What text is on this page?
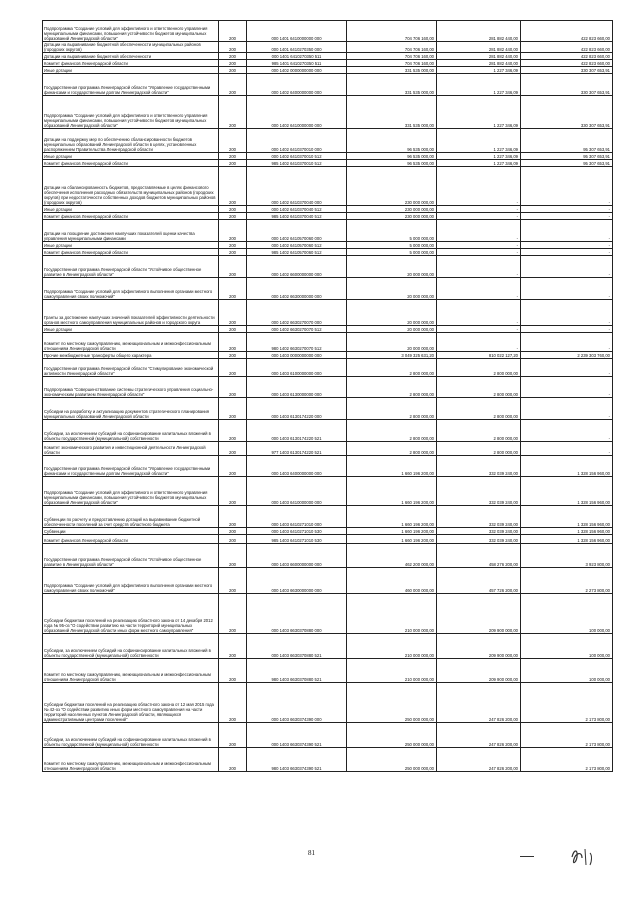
Подпрограмма "Создание условий для эффективного и ответственного управления муниципальными финансами, повышения устойчивости бюджетов муниципальных образований Ленинградской области"	200	000 1401 6410000000 000	704 706 160,00	281 882 440,00	422 823 660,00
Дотации на выравнивание бюджетной обеспеченности муниципальных районов (городских округов)	200	000 1401 6410270350 000	704 706 160,00	281 882 440,00	422 823 660,00
Дотации на выравнивание бюджетной обеспеченности	200	000 1401 6410270350 511	704 706 160,00	281 882 440,00	422 823 660,00
Комитет финансов Ленинградской области	200	985 1401 6410270350 511	704 706 160,00	281 882 440,00	422 823 660,00
Иные дотации	200	000 1402 0000000000 000	331 535 000,00	1 227 346,09	330 307 653,91
Государственная программа Ленинградской области "Управление государственными финансами и государственным долгом Ленинградской области"	200	000 1402 6400000000 000	331 535 000,00	1 227 346,09	330 307 653,91
Подпрограмма "Создание условий для эффективного и ответственного управления муниципальными финансами, повышения устойчивости бюджетов муниципальных образований Ленинградской области"	200	000 1402 6410000000 000	331 535 000,00	1 227 346,09	330 307 653,91
Дотации на поддержку мер по обеспечению сбалансированности бюджетов муниципальных образований Ленинградской области в целях, установленных распоряжением Правительства Ленинградской области	200	000 1402 6410370010 000	96 535 000,00	1 227 346,09	95 307 653,91
Иные дотации	200	000 1402 6410370010 512	96 535 000,00	1 227 346,09	95 307 653,91
Комитет финансов Ленинградской области	200	985 1402 6410370010 512	96 535 000,00	1 227 346,09	95 307 653,91
Дотации на сбалансированность бюджетов, предоставляемые в целях финансового обеспечения исполнения расходных обязательств муниципальных районов (городских округов) при недостаточности собственных доходов бюджетов муниципальных районов (городских округов)	200	000 1402 6410370040 000	230 000 000,00	-	-
Иные дотации	200	000 1402 6410370040 512	230 000 000,00	-	-
Комитет финансов Ленинградской области	200	985 1402 6410370040 512	230 000 000,00	-	-
Дотации на поощрение достижения наилучших показателей оценки качества управления муниципальными финансами	200	000 1402 6410570060 000	5 000 000,00	-	-
Иные дотации	200	000 1402 6410570060 512	5 000 000,00	-	-
Комитет финансов Ленинградской области	200	985 1402 6410570060 512	5 000 000,00	-	-
Государственная программа Ленинградской области "Устойчивое общественное развитие в Ленинградской области"	200	000 1402 6600000000 000	20 000 000,00	-	-
Подпрограмма "Создание условий для эффективного выполнения органами местного самоуправления своих полномочий"	200	000 1402 6630000000 000	20 000 000,00	-	-
Гранты за достижение наилучших значений показателей эффективности деятельности органов местного самоуправления муниципальных районов и городского округа	200	000 1402 6630270070 000	20 000 000,00	-	-
Иные дотации	200	000 1402 6630270070 512	20 000 000,00	-	-
Комитет по местному самоуправлению, межнациональным и межконфессиональным отношениям Ленинградской области	200	980 1402 6630270070 512	20 000 000,00	-	-
Прочие межбюджетные трансферты общего характера	200	000 1403 0000000000 000	3 049 325 631,20	810 022 127,20	2 239 303 760,00
Государственная программа Ленинградской области "Стимулирование экономической активности Ленинградской области"	200	000 1403 6100000000 000	2 800 000,00	2 800 000,00	-
Подпрограмма "Совершенствование системы стратегического управления социально-экономическим развитием Ленинградской области"	200	000 1403 6130000000 000	2 800 000,00	2 800 000,00	-
Субсидии на разработку и актуализацию документов стратегического планирования муниципальных образований Ленинградской области	200	000 1403 6130174220 000	2 800 000,00	2 800 000,00	-
Субсидии, за исключением субсидий на софинансирование капитальных вложений в объекты государственной (муниципальной) собственности	200	000 1403 6130174220 521	2 800 000,00	2 800 000,00	-
Комитет экономического развития и инвестиционной деятельности Ленинградской области	200	977 1403 6130174220 521	2 800 000,00	2 800 000,00	-
Государственная программа Ленинградской области "Управление государственными финансами и государственным долгом Ленинградской области"	200	000 1403 6400000000 000	1 660 196 200,00	332 039 240,00	1 328 156 960,00
Подпрограмма "Создание условий для эффективного и ответственного управления муниципальными финансами, повышения устойчивости бюджетов муниципальных образований Ленинградской области"	200	000 1403 6410000000 000	1 660 196 200,00	332 039 240,00	1 328 156 960,00
Субвенции по расчету и предоставлению дотаций на выравнивание бюджетной обеспеченности поселений за счет средств областного бюджета	200	000 1403 6410271010 000	1 660 196 200,00	332 039 240,00	1 328 156 960,00
Субвенции	200	000 1403 6410271010 530	1 660 196 200,00	332 039 240,00	1 328 156 960,00
Комитет финансов Ленинградской области	200	985 1403 6410271010 530	1 660 196 200,00	332 039 240,00	1 328 156 960,00
Государственная программа Ленинградской области "Устойчивое общественное развитие в Ленинградской области"	200	000 1403 6600000000 000	462 200 000,00	458 276 200,00	3 923 800,00
Подпрограмма "Создание условий для эффективного выполнения органами местного самоуправления своих полномочий"	200	000 1403 6630000000 000	460 000 000,00	457 726 200,00	2 273 800,00
Субсидии бюджетам поселений на реализацию областного закона от 14 декабря 2012 года № 95-оз "О содействии развитию на части территорий муниципальных образований Ленинградской области иных форм местного самоуправления"	200	000 1403 6630370880 000	210 000 000,00	209 900 000,00	100 000,00
Субсидии, за исключением субсидий на софинансирование капитальных вложений в объекты государственной (муниципальной) собственности	200	000 1403 6630370880 521	210 000 000,00	209 900 000,00	100 000,00
Комитет по местному самоуправлению, межнациональным и межконфессиональным отношениям Ленинградской области	200	980 1403 6630370880 521	210 000 000,00	209 900 000,00	100 000,00
Субсидии бюджетам поселений на реализацию областного закона от 12 мая 2015 года № 42-оз "О содействии развитию иных форм местного самоуправления на части территорий населенных пунктов Ленинградской области, являющихся административными центрами поселений"	200	000 1403 6630374390 000	250 000 000,00	247 826 200,00	2 173 800,00
Субсидии, за исключением субсидий на софинансирование капитальных вложений в объекты государственной (муниципальной) собственности	200	000 1403 6630374390 521	250 000 000,00	247 826 200,00	2 173 800,00
Комитет по местному самоуправлению, межнациональным и межконфессиональным отношениям Ленинградской области	200	980 1403 6630374390 521	250 000 000,00	247 826 200,00	2 173 800,00
81
